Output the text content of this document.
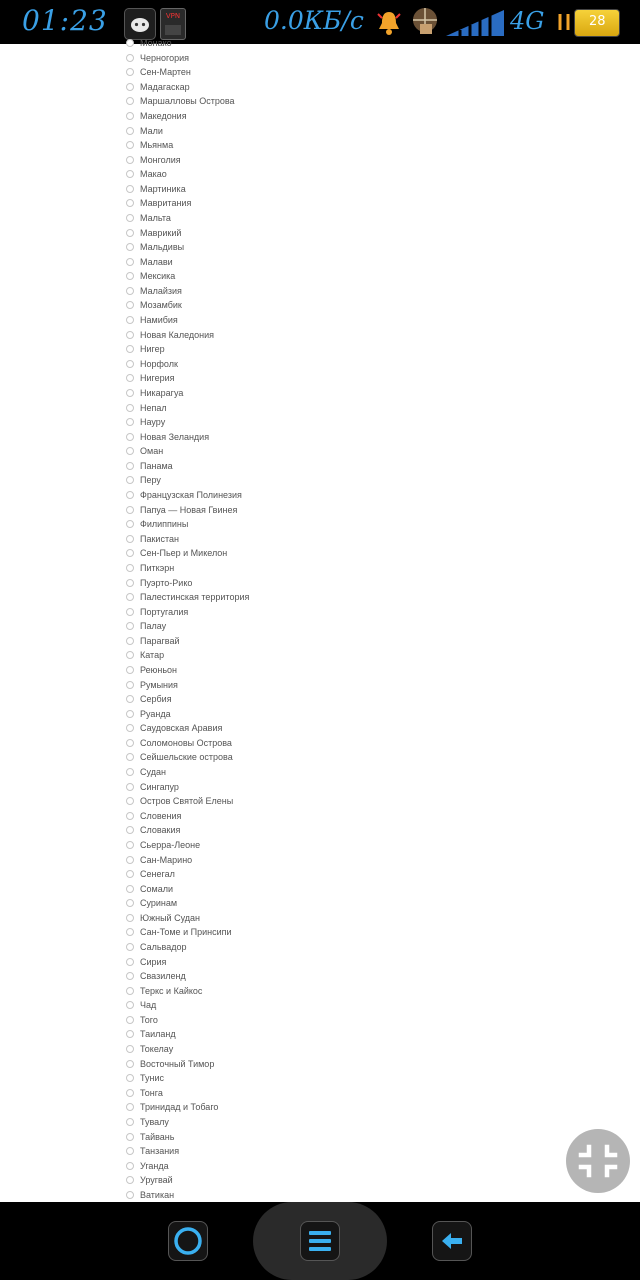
01:23	VPN	0.0КБ/с	4G	28
Монако
Черногория
Сен-Мартен
Мадагаскар
Маршалловы Острова
Македония
Мали
Мьянма
Монголия
Макао
Мартиника
Мавритания
Мальта
Маврикий
Мальдивы
Малави
Мексика
Малайзия
Мозамбик
Намибия
Новая Каледония
Нигер
Норфолк
Нигерия
Никарагуа
Непал
Науру
Новая Зеландия
Оман
Панама
Перу
Французская Полинезия
Папуа — Новая Гвинея
Филиппины
Пакистан
Сен-Пьер и Микелон
Питкэрн
Пуэрто-Рико
Палестинская территория
Португалия
Палау
Парагвай
Катар
Реюньон
Румыния
Сербия
Руанда
Саудовская Аравия
Соломоновы Острова
Сейшельские острова
Судан
Сингапур
Остров Святой Елены
Словения
Словакия
Сьерра-Леоне
Сан-Марино
Сенегал
Сомали
Суринам
Южный Судан
Сан-Томе и Принсипи
Сальвадор
Сирия
Свазиленд
Теркс и Кайкос
Чад
Того
Таиланд
Токелау
Восточный Тимор
Тунис
Тонга
Тринидад и Тобаго
Тувалу
Тайвань
Танзания
Уганда
Уругвай
Ватикан
